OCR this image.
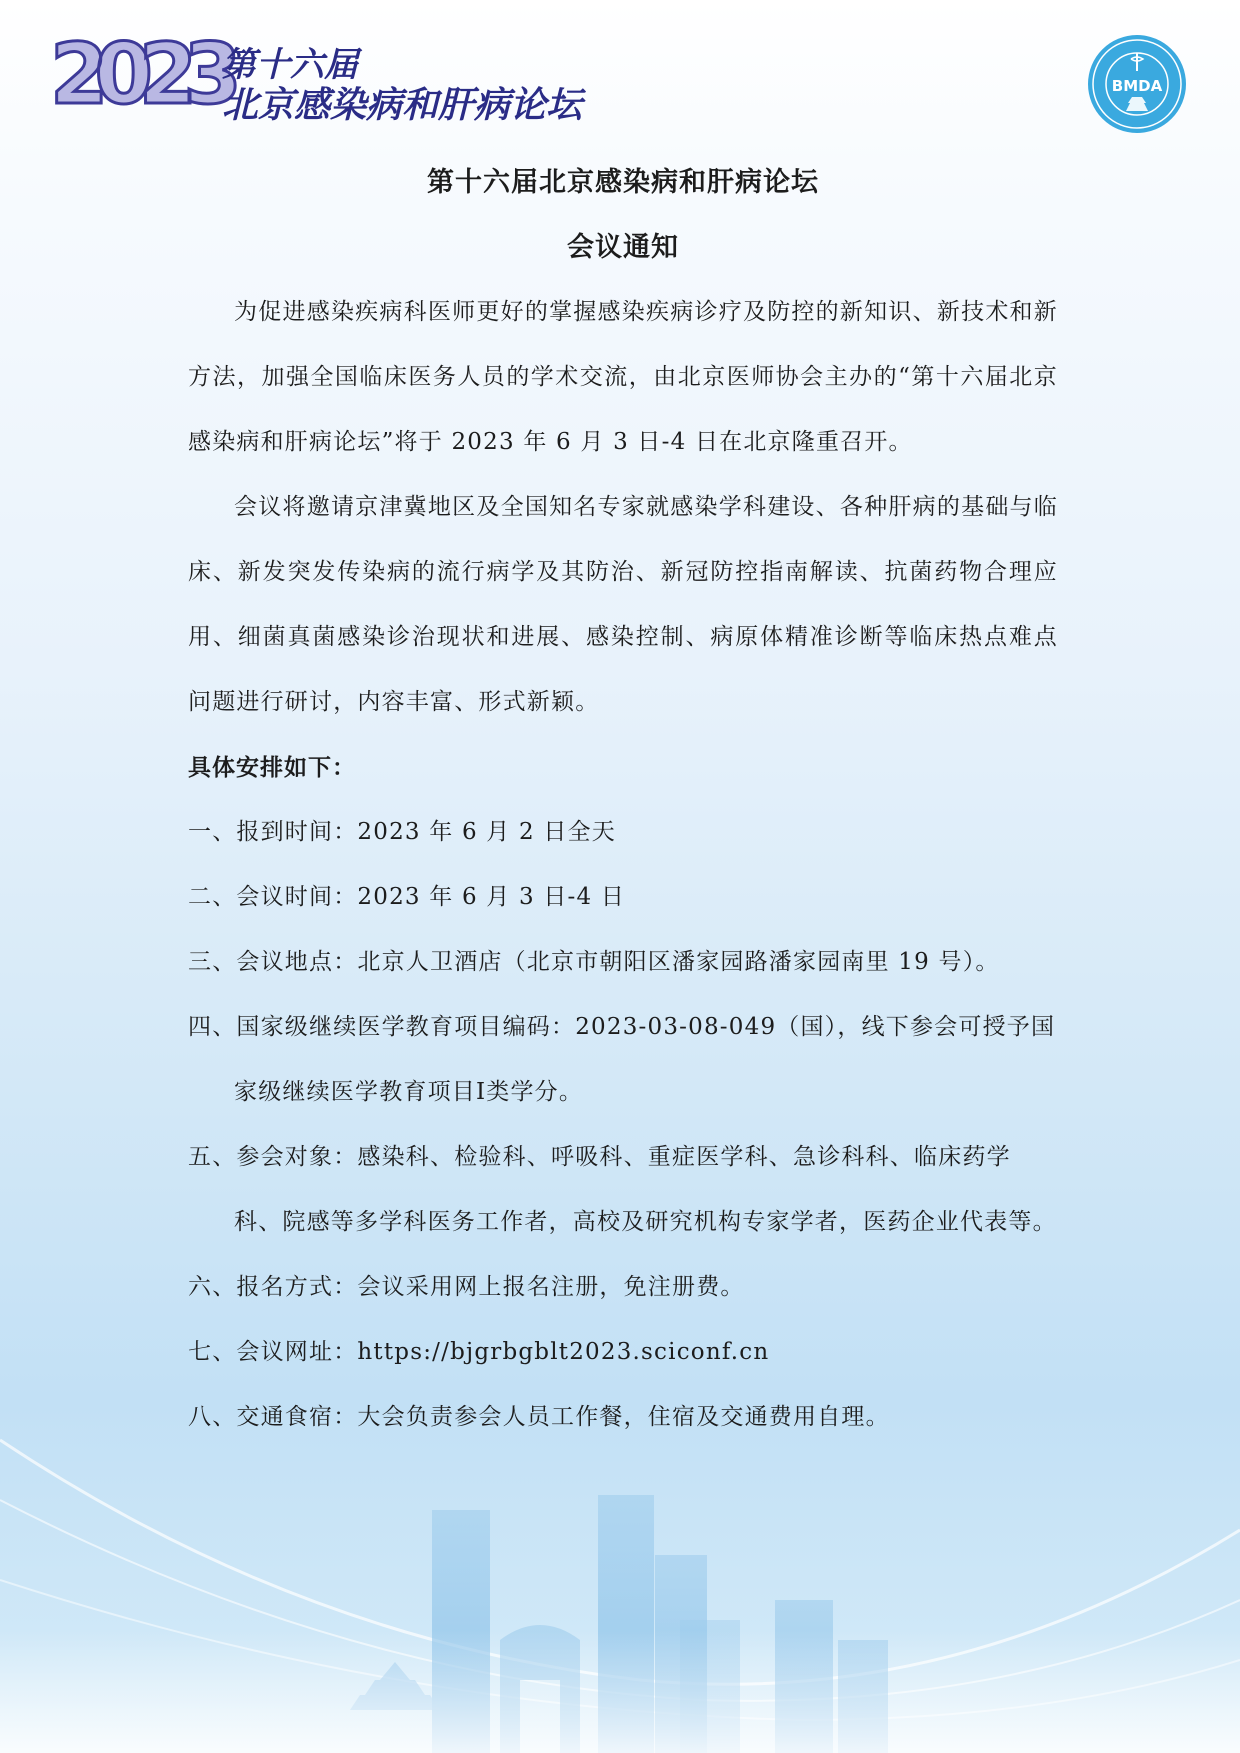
2023
第十六届
北京感染病和肝病论坛	BMDA
第十六届北京感染病和肝病论坛
会议通知

为促进感染疾病科医师更好的掌握感染疾病诊疗及防控的新知识、新技术和新方法，加强全国临床医务人员的学术交流，由北京医师协会主办的“第十六届北京感染病和肝病论坛”将于 2023 年 6 月 3 日-4 日在北京隆重召开。

会议将邀请京津冀地区及全国知名专家就感染学科建设、各种肝病的基础与临床、新发突发传染病的流行病学及其防治、新冠防控指南解读、抗菌药物合理应用、细菌真菌感染诊治现状和进展、感染控制、病原体精准诊断等临床热点难点问题进行研讨，内容丰富、形式新颖。

具体安排如下：
一、报到时间：2023 年 6 月 2 日全天
二、会议时间：2023 年 6 月 3 日-4 日
三、会议地点：北京人卫酒店（北京市朝阳区潘家园路潘家园南里 19 号）。
四、国家级继续医学教育项目编码：2023-03-08-049（国），线下参会可授予国家级继续医学教育项目Ⅰ类学分。
五、参会对象：感染科、检验科、呼吸科、重症医学科、急诊科科、临床药学科、院感等多学科医务工作者，高校及研究机构专家学者，医药企业代表等。
六、报名方式：会议采用网上报名注册，免注册费。
七、会议网址：https://bjgrbgblt2023.sciconf.cn
八、交通食宿：大会负责参会人员工作餐，住宿及交通费用自理。
